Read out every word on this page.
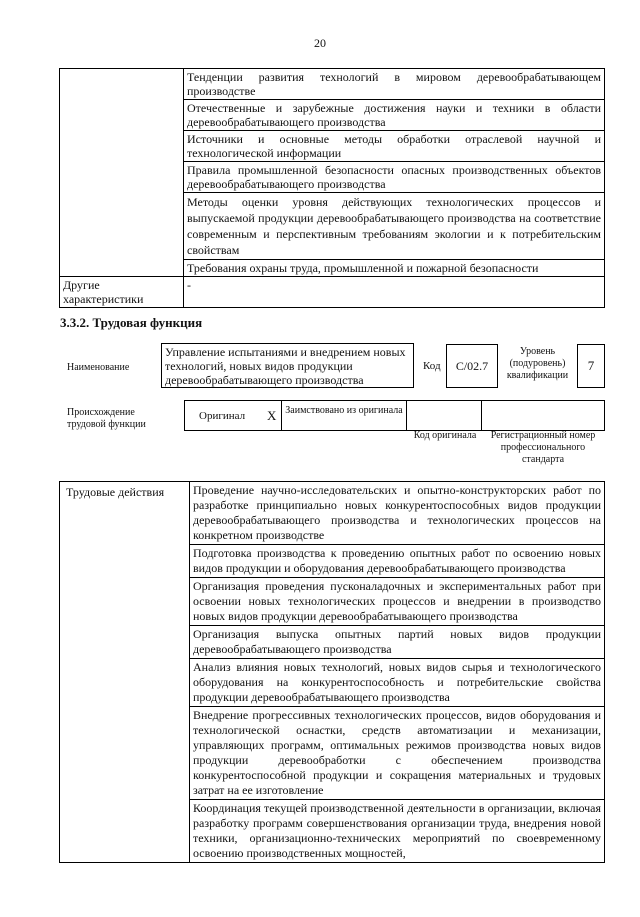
20
	Тенденции развития технологий в мировом деревообрабатывающем производстве
	Отечественные и зарубежные достижения науки и техники в области деревообрабатывающего производства
	Источники и основные методы обработки отраслевой научной и технологической информации
	Правила промышленной безопасности опасных производственных объектов деревообрабатывающего производства
	Методы оценки уровня действующих технологических процессов и выпускаемой продукции деревообрабатывающего производства на соответствие современным и перспективным требованиям экологии и к потребительским свойствам
	Требования охраны труда, промышленной и пожарной безопасности
Другие характеристики	-
3.3.2. Трудовая функция
Наименование
Управление испытаниями и внедрением новых технологий, новых видов продукции деревообрабатывающего производства
Код	C/02.7
Уровень (подуровень) квалификации
7
Происхождение трудовой функции
Оригинал X Заимствовано из оригинала
Код оригинала	Регистрационный номер профессионального стандарта
Трудовые действия	Проведение научно-исследовательских и опытно-конструкторских работ по разработке принципиально новых конкурентоспособных видов продукции деревообрабатывающего производства и технологических процессов на конкретном производстве
Подготовка производства к проведению опытных работ по освоению новых видов продукции и оборудования деревообрабатывающего производства
Организация проведения пусконаладочных и экспериментальных работ при освоении новых технологических процессов и внедрении в производство новых видов продукции деревообрабатывающего производства
Организация выпуска опытных партий новых видов продукции деревообрабатывающего производства
Анализ влияния новых технологий, новых видов сырья и технологического оборудования на конкурентоспособность и потребительские свойства продукции деревообрабатывающего производства
Внедрение прогрессивных технологических процессов, видов оборудования и технологической оснастки, средств автоматизации и механизации, управляющих программ, оптимальных режимов производства новых видов продукции деревообработки с обеспечением производства конкурентоспособной продукции и сокращения материальных и трудовых затрат на ее изготовление
Координация текущей производственной деятельности в организации, включая разработку программ совершенствования организации труда, внедрения новой техники, организационно-технических мероприятий по своевременному освоению производственных мощностей,
